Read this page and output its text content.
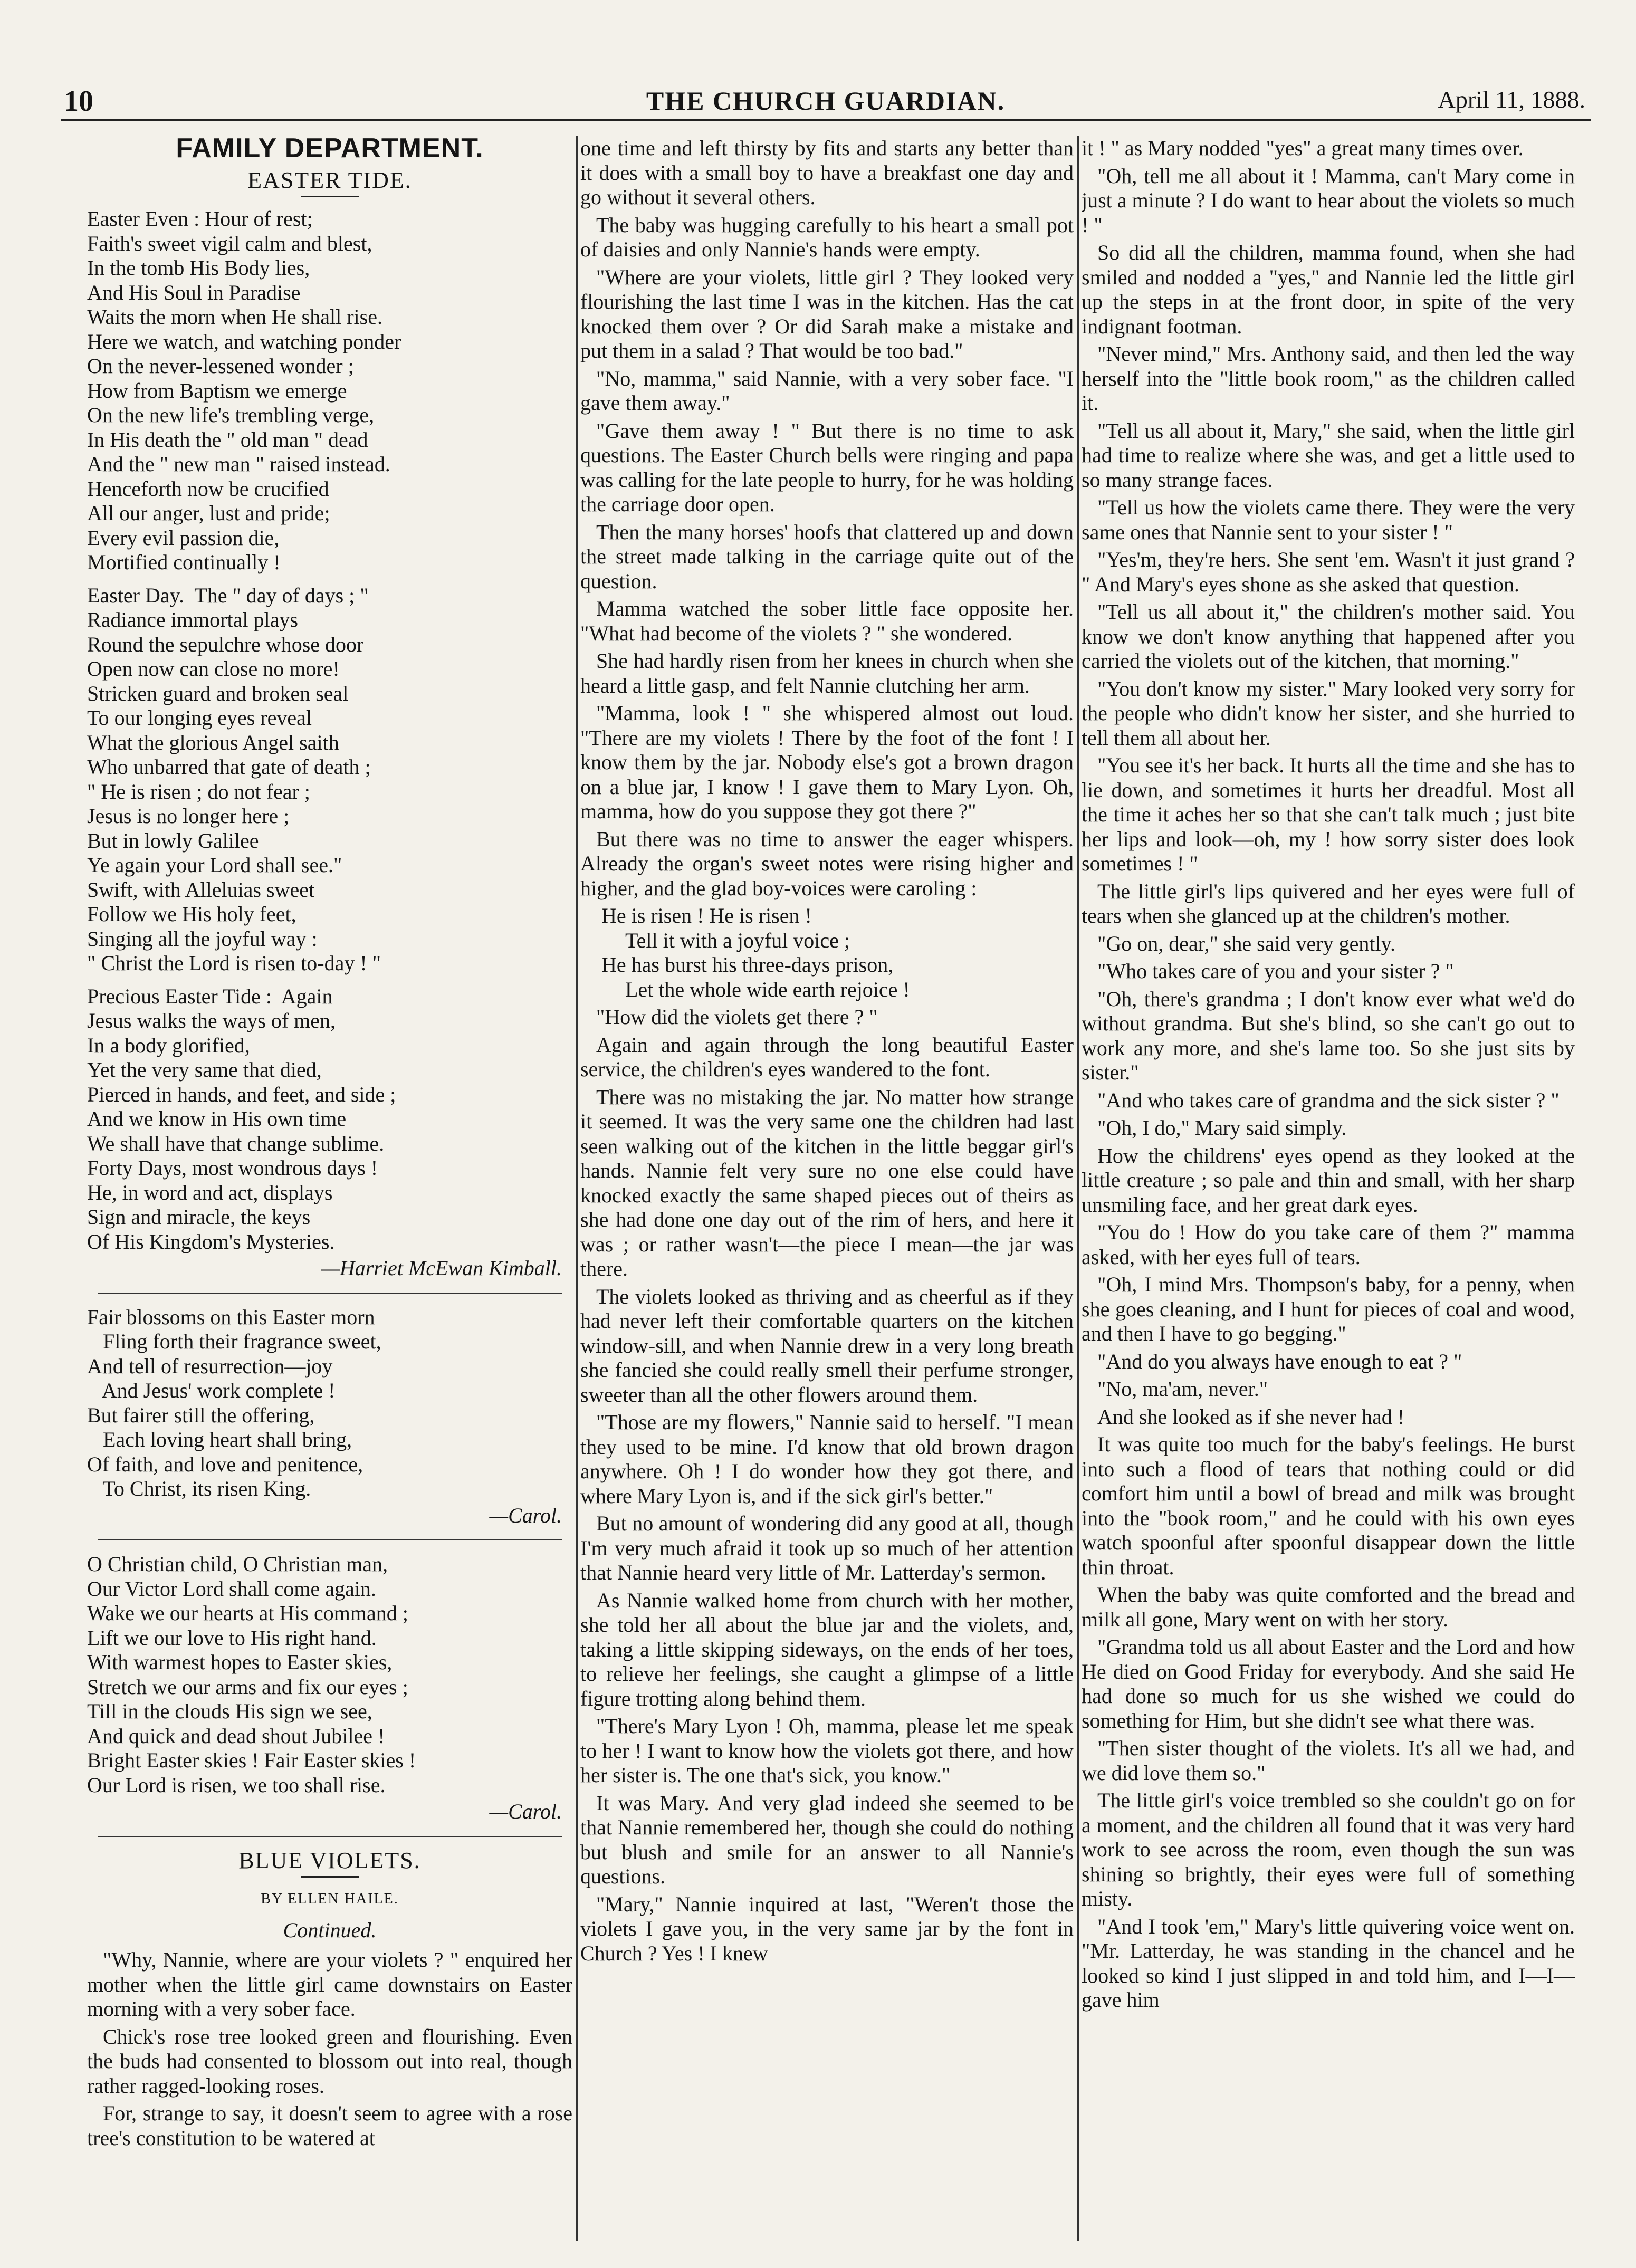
10	THE CHURCH GUARDIAN.	April 11, 1888.
FAMILY DEPARTMENT.
EASTER TIDE.

Easter Even : Hour of rest;

Faith's sweet vigil calm and blest,

In the tomb His Body lies,

And His Soul in Paradise

Waits the morn when He shall rise.

Here we watch, and watching ponder

On the never-lessened wonder ;

How from Baptism we emerge

On the new life's trembling verge,

In His death the " old man " dead

And the " new man " raised instead.

Henceforth now be crucified

All our anger, lust and pride;

Every evil passion die,

Mortified continually !

Easter Day.  The " day of days ; "

Radiance immortal plays

Round the sepulchre whose door

Open now can close no more!

Stricken guard and broken seal

To our longing eyes reveal

What the glorious Angel saith

Who unbarred that gate of death ;

" He is risen ; do not fear ;

Jesus is no longer here ;

But in lowly Galilee

Ye again your Lord shall see."

Swift, with Alleluias sweet

Follow we His holy feet,

Singing all the joyful way :

" Christ the Lord is risen to-day ! "

Precious Easter Tide :  Again

Jesus walks the ways of men,

In a body glorified,

Yet the very same that died,

Pierced in hands, and feet, and side ;

And we know in His own time

We shall have that change sublime.

Forty Days, most wondrous days !

He, in word and act, displays

Sign and miracle, the keys

Of His Kingdom's Mysteries.

—Harriet McEwan Kimball.

Fair blossoms on this Easter morn

Fling forth their fragrance sweet,

And tell of resurrection—joy

And Jesus' work complete !

But fairer still the offering,

Each loving heart shall bring,

Of faith, and love and penitence,

To Christ, its risen King.

—Carol.

O Christian child, O Christian man,

Our Victor Lord shall come again.

Wake we our hearts at His command ;

Lift we our love to His right hand.

With warmest hopes to Easter skies,

Stretch we our arms and fix our eyes ;

Till in the clouds His sign we see,

And quick and dead shout Jubilee !

Bright Easter skies ! Fair Easter skies !

Our Lord is risen, we too shall rise.

—Carol.
BLUE VIOLETS.
BY ELLEN HAILE.
Continued.

"Why, Nannie, where are your violets ? " enquired her mother when the little girl came downstairs on Easter morning with a very sober face.

Chick's rose tree looked green and flourishing. Even the buds had consented to blossom out into real, though rather ragged-looking roses.

For, strange to say, it doesn't seem to agree with a rose tree's constitution to be watered at

one time and left thirsty by fits and starts any better than it does with a small boy to have a breakfast one day and go without it several others.

The baby was hugging carefully to his heart a small pot of daisies and only Nannie's hands were empty.

"Where are your violets, little girl ? They looked very flourishing the last time I was in the kitchen. Has the cat knocked them over ? Or did Sarah make a mistake and put them in a salad ? That would be too bad."

"No, mamma," said Nannie, with a very sober face. "I gave them away."

"Gave them away ! " But there is no time to ask questions. The Easter Church bells were ringing and papa was calling for the late people to hurry, for he was holding the carriage door open.

Then the many horses' hoofs that clattered up and down the street made talking in the carriage quite out of the question.

Mamma watched the sober little face opposite her. "What had become of the violets ? " she wondered.

She had hardly risen from her knees in church when she heard a little gasp, and felt Nannie clutching her arm.

"Mamma, look ! " she whispered almost out loud. "There are my violets ! There by the foot of the font ! I know them by the jar. Nobody else's got a brown dragon on a blue jar, I know ! I gave them to Mary Lyon. Oh, mamma, how do you suppose they got there ?"

But there was no time to answer the eager whispers. Already the organ's sweet notes were rising higher and higher, and the glad boy-voices were caroling :

He is risen ! He is risen !

Tell it with a joyful voice ;

He has burst his three-days prison,

Let the whole wide earth rejoice !

"How did the violets get there ? "

Again and again through the long beautiful Easter service, the children's eyes wandered to the font.

There was no mistaking the jar. No matter how strange it seemed. It was the very same one the children had last seen walking out of the kitchen in the little beggar girl's hands. Nannie felt very sure no one else could have knocked exactly the same shaped pieces out of theirs as she had done one day out of the rim of hers, and here it was ; or rather wasn't—the piece I mean—the jar was there.

The violets looked as thriving and as cheerful as if they had never left their comfortable quarters on the kitchen window-sill, and when Nannie drew in a very long breath she fancied she could really smell their perfume stronger, sweeter than all the other flowers around them.

"Those are my flowers," Nannie said to herself. "I mean they used to be mine. I'd know that old brown dragon anywhere. Oh ! I do wonder how they got there, and where Mary Lyon is, and if the sick girl's better."

But no amount of wondering did any good at all, though I'm very much afraid it took up so much of her attention that Nannie heard very little of Mr. Latterday's sermon.

As Nannie walked home from church with her mother, she told her all about the blue jar and the violets, and, taking a little skipping sideways, on the ends of her toes, to relieve her feelings, she caught a glimpse of a little figure trotting along behind them.

"There's Mary Lyon ! Oh, mamma, please let me speak to her ! I want to know how the violets got there, and how her sister is. The one that's sick, you know."

It was Mary. And very glad indeed she seemed to be that Nannie remembered her, though she could do nothing but blush and smile for an answer to all Nannie's questions.

"Mary," Nannie inquired at last, "Weren't those the violets I gave you, in the very same jar by the font in Church ? Yes ! I knew

it ! " as Mary nodded "yes" a great many times over.

"Oh, tell me all about it ! Mamma, can't Mary come in just a minute ? I do want to hear about the violets so much ! "

So did all the children, mamma found, when she had smiled and nodded a "yes," and Nannie led the little girl up the steps in at the front door, in spite of the very indignant footman.

"Never mind," Mrs. Anthony said, and then led the way herself into the "little book room," as the children called it.

"Tell us all about it, Mary," she said, when the little girl had time to realize where she was, and get a little used to so many strange faces.

"Tell us how the violets came there. They were the very same ones that Nannie sent to your sister ! "

"Yes'm, they're hers. She sent 'em. Wasn't it just grand ? " And Mary's eyes shone as she asked that question.

"Tell us all about it," the children's mother said. You know we don't know anything that happened after you carried the violets out of the kitchen, that morning."

"You don't know my sister." Mary looked very sorry for the people who didn't know her sister, and she hurried to tell them all about her.

"You see it's her back. It hurts all the time and she has to lie down, and sometimes it hurts her dreadful. Most all the time it aches her so that she can't talk much ; just bite her lips and look—oh, my ! how sorry sister does look sometimes ! "

The little girl's lips quivered and her eyes were full of tears when she glanced up at the children's mother.

"Go on, dear," she said very gently.

"Who takes care of you and your sister ? "

"Oh, there's grandma ; I don't know ever what we'd do without grandma. But she's blind, so she can't go out to work any more, and she's lame too. So she just sits by sister."

"And who takes care of grandma and the sick sister ? "

"Oh, I do," Mary said simply.

How the childrens' eyes opend as they looked at the little creature ; so pale and thin and small, with her sharp unsmiling face, and her great dark eyes.

"You do ! How do you take care of them ?" mamma asked, with her eyes full of tears.

"Oh, I mind Mrs. Thompson's baby, for a penny, when she goes cleaning, and I hunt for pieces of coal and wood, and then I have to go begging."

"And do you always have enough to eat ? "

"No, ma'am, never."

And she looked as if she never had !

It was quite too much for the baby's feelings. He burst into such a flood of tears that nothing could or did comfort him until a bowl of bread and milk was brought into the "book room," and he could with his own eyes watch spoonful after spoonful disappear down the little thin throat.

When the baby was quite comforted and the bread and milk all gone, Mary went on with her story.

"Grandma told us all about Easter and the Lord and how He died on Good Friday for everybody. And she said He had done so much for us she wished we could do something for Him, but she didn't see what there was.

"Then sister thought of the violets. It's all we had, and we did love them so."

The little girl's voice trembled so she couldn't go on for a moment, and the children all found that it was very hard work to see across the room, even though the sun was shining so brightly, their eyes were full of something misty.

"And I took 'em," Mary's little quivering voice went on. "Mr. Latterday, he was standing in the chancel and he looked so kind I just slipped in and told him, and I—I— gave him
